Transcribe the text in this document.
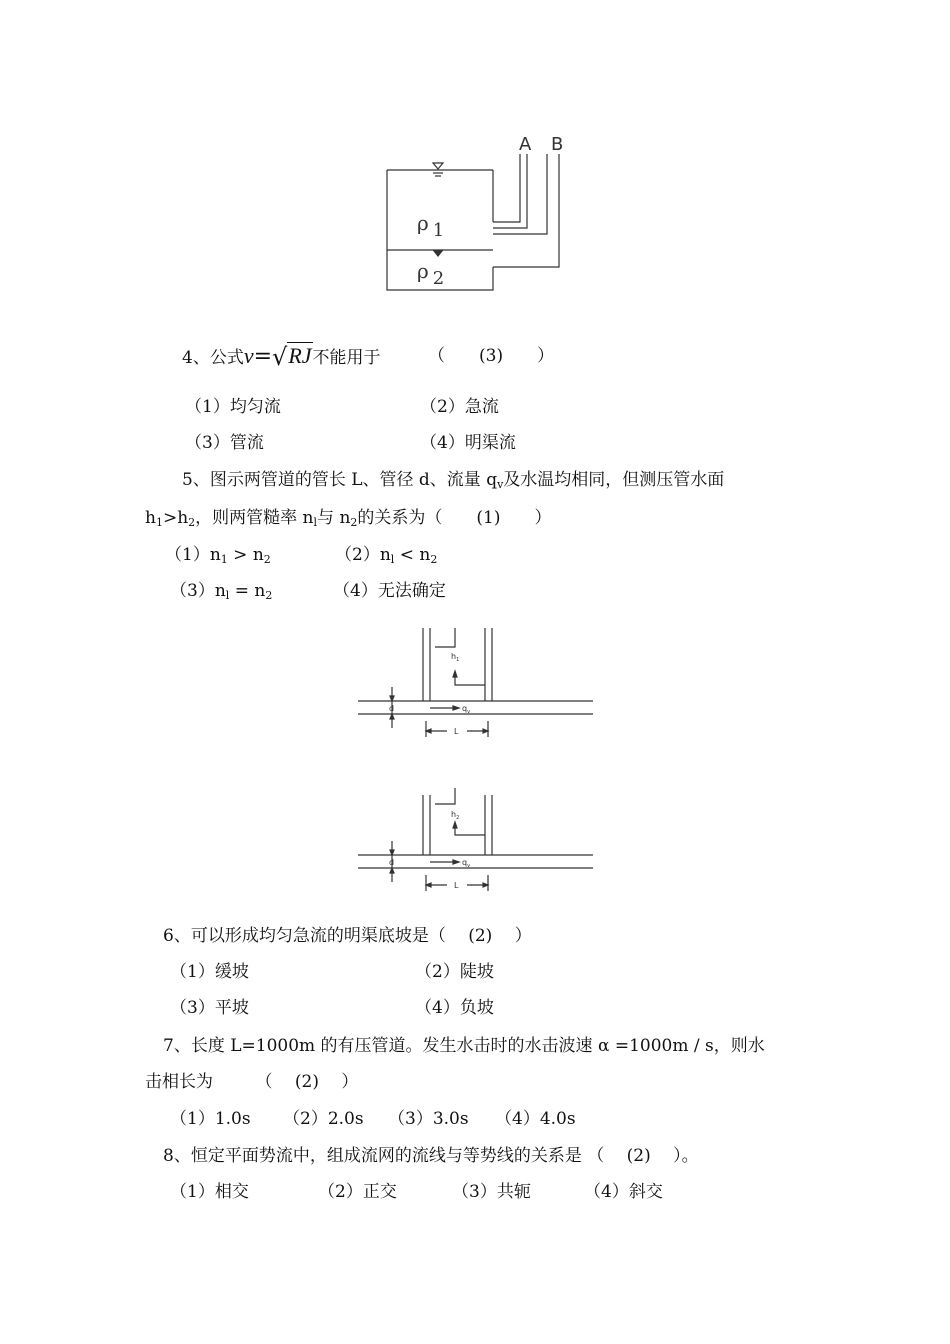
A B
ρ 1
ρ 2
4、公式v=√RJ不能用于	（　　(3)　　）
（1）均匀流	（2）急流
（3）管流	（4）明渠流
5、图示两管道的管长 L、管径 d、流量 $q_v$及水温均相同，但测压管水面
$h_1>h_2$，则两管糙率 $n_l$与 $n_2$的关系为（　　(1)　　）
$(1)n_1 > n_2$	$(2)n_l < n_2$
$(3)n_l = n_2$	（4）无法确定
$h_1$
d	$q_v$
L
$h_2$
d	$q_v$
L
6、可以形成均匀急流的明渠底坡是（　 (2)　 ）
（1）缓坡	（2）陡坡
（3）平坡	（4）负坡
7、长度 L=1000m 的有压管道。发生水击时的水击波速 α =1000m / s，则水
击相长为　　　（　 (2)　 ）
（1）1.0s （2）2.0s （3）3.0s （4）4.0s
8、恒定平面势流中，组成流网的流线与等势线的关系是 （　 (2)　 ）。
（1）相交	（2）正交	（3）共轭	（4）斜交
